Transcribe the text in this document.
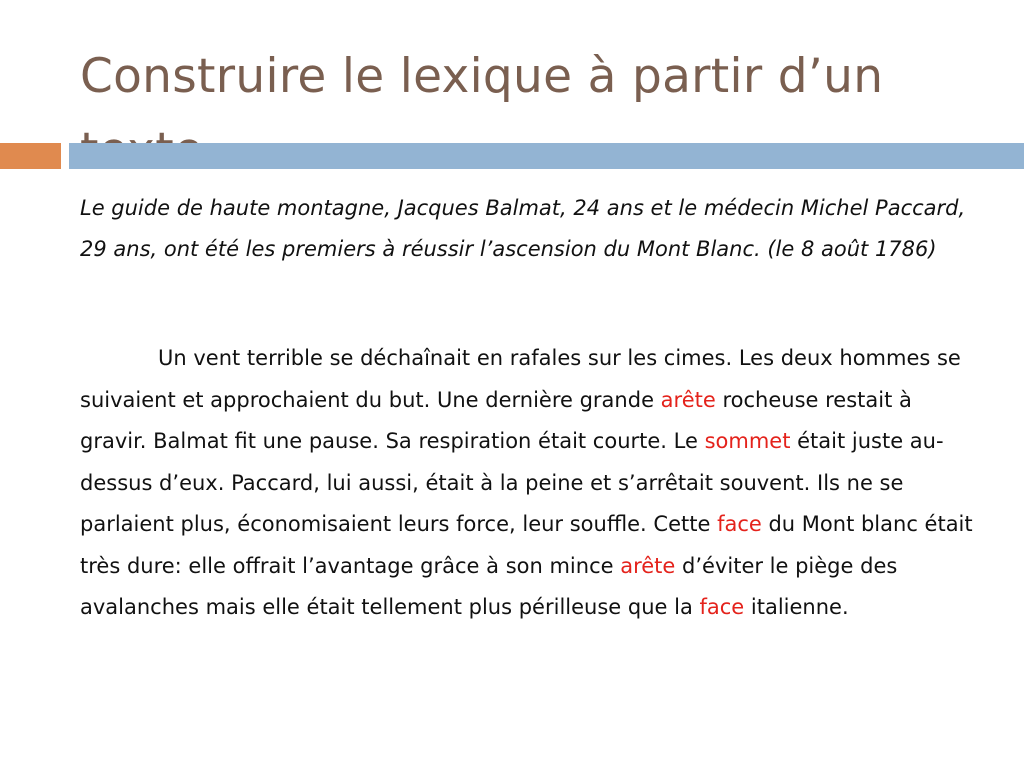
Construire le lexique à partir d’un

Le guide de haute montagne, Jacques Balmat, 24 ans et le médecin Michel Paccard, 29 ans, ont été les premiers à réussir l’ascension du Mont Blanc. (le 8 août 1786)

Un vent terrible se déchaînait en rafales sur les cimes. Les deux hommes se suivaient et approchaient du but. Une dernière grande arête rocheuse restait à gravir. Balmat fit une pause. Sa respiration était courte. Le sommet était juste au-dessus d’eux. Paccard, lui aussi, était à la peine et s’arrêtait souvent. Ils ne se parlaient plus, économisaient leurs force, leur souffle. Cette face du Mont blanc était très dure: elle offrait l’avantage grâce à son mince arête d’éviter le piège des avalanches mais elle était tellement plus périlleuse que la face italienne.
